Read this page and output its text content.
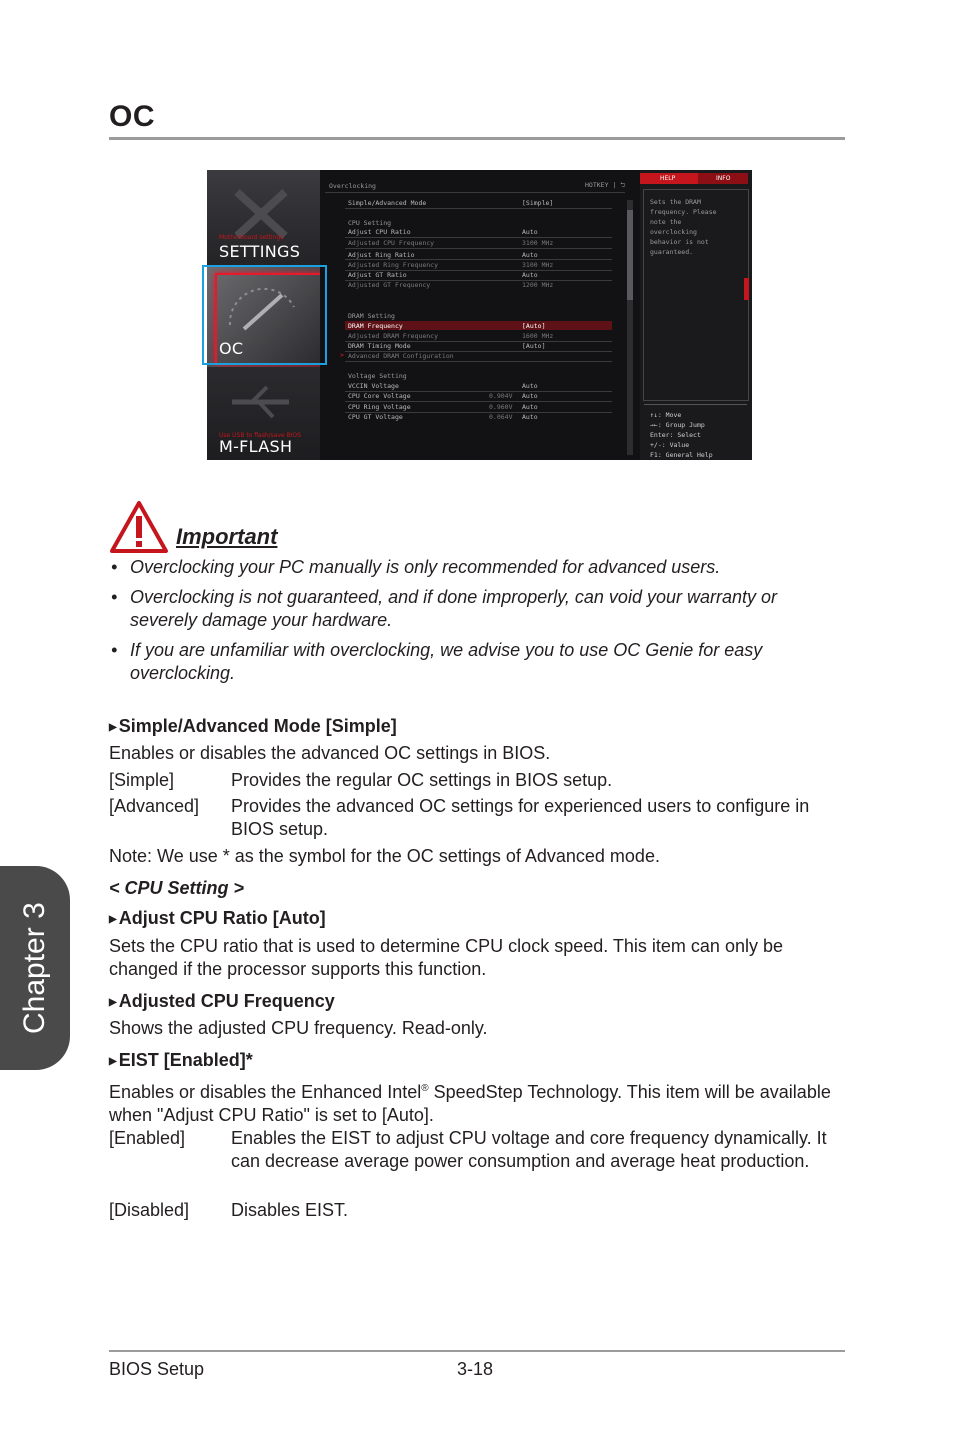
OC
Chapter 3
Motherboard settings
SETTINGS
OC
Use USB to flash/save BIOS
M-FLASH
Overclocking	HOTKEY | ⮌
Simple/Advanced Mode	[Simple]
CPU Setting
Adjust CPU Ratio	Auto
Adjusted CPU Frequency	3100 MHz
Adjust Ring Ratio	Auto
Adjusted Ring Frequency	3100 MHz
Adjust GT Ratio	Auto
Adjusted GT Frequency	1200 MHz
DRAM Setting
DRAM Frequency	[Auto]
Adjusted DRAM Frequency	1600 MHz
DRAM Timing Mode	[Auto]
> Advanced DRAM Configuration
Voltage Setting
VCCIN Voltage	Auto
CPU Core Voltage	0.904V Auto
CPU Ring Voltage	0.960V Auto
CPU GT Voltage	0.064V Auto
HELP	INFO
Sets the DRAM
frequency. Please
note the
overclocking
behavior is not
guaranteed.
↑↓: Move
→←: Group Jump
Enter: Select
+/-: Value
F1: General Help
Important
• Overclocking your PC manually is only recommended for advanced users.
• Overclocking is not guaranteed, and if done improperly, can void your warranty or severely damage your hardware.
• If you are unfamiliar with overclocking, we advise you to use OC Genie for easy overclocking.
▶ Simple/Advanced Mode [Simple]
Enables or disables the advanced OC settings in BIOS.
[Simple]	Provides the regular OC settings in BIOS setup.
[Advanced] Provides the advanced OC settings for experienced users to configure in BIOS setup.
Note: We use * as the symbol for the OC settings of Advanced mode.
< CPU Setting >
▶ Adjust CPU Ratio [Auto]
Sets the CPU ratio that is used to determine CPU clock speed. This item can only be changed if the processor supports this function.
▶ Adjusted CPU Frequency
Shows the adjusted CPU frequency. Read-only.
▶ EIST [Enabled]*
Enables or disables the Enhanced Intel® SpeedStep Technology. This item will be available when "Adjust CPU Ratio" is set to [Auto].
[Enabled]	Enables the EIST to adjust CPU voltage and core frequency dynamically. It can decrease average power consumption and average heat production.
[Disabled] Disables EIST.
BIOS Setup	3-18
